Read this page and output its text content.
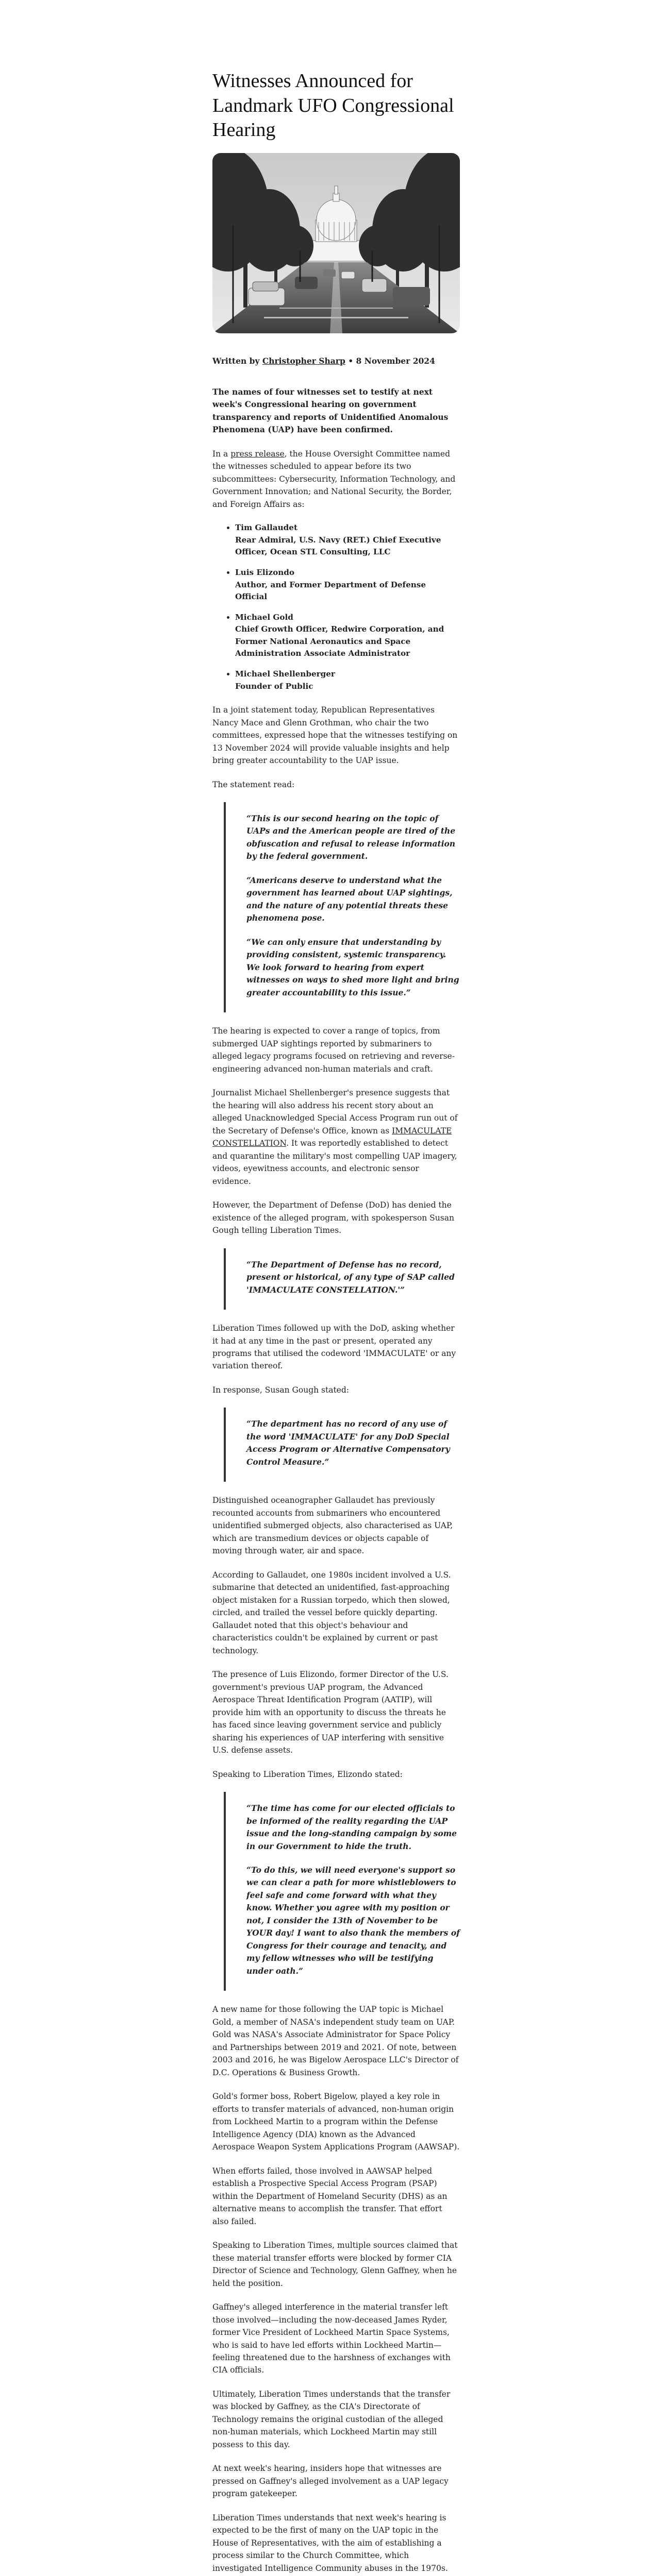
Witnesses Announced for Landmark UFO Congressional Hearing
Written by Christopher Sharp • 8 November 2024

The names of four witnesses set to testify at next week's Congressional hearing on government transparency and reports of Unidentified Anomalous Phenomena (UAP) have been confirmed.

In a press release, the House Oversight Committee named the witnesses scheduled to appear before its two subcommittees: Cybersecurity, Information Technology, and Government Innovation; and National Security, the Border, and Foreign Affairs as:

• Tim Gallaudet
Rear Admiral, U.S. Navy (RET.) Chief Executive Officer, Ocean STL Consulting, LLC
• Luis Elizondo
Author, and Former Department of Defense Official
• Michael Gold
Chief Growth Officer, Redwire Corporation, and Former National Aeronautics and Space Administration Associate Administrator
• Michael Shellenberger
Founder of Public

In a joint statement today, Republican Representatives Nancy Mace and Glenn Grothman, who chair the two committees, expressed hope that the witnesses testifying on 13 November 2024 will provide valuable insights and help bring greater accountability to the UAP issue.

The statement read:

“This is our second hearing on the topic of UAPs and the American people are tired of the obfuscation and refusal to release information by the federal government.

“Americans deserve to understand what the government has learned about UAP sightings, and the nature of any potential threats these phenomena pose.

“We can only ensure that understanding by providing consistent, systemic transparency. We look forward to hearing from expert witnesses on ways to shed more light and bring greater accountability to this issue.”

The hearing is expected to cover a range of topics, from submerged UAP sightings reported by submariners to alleged legacy programs focused on retrieving and reverse-engineering advanced non-human materials and craft.

Journalist Michael Shellenberger's presence suggests that the hearing will also address his recent story about an alleged Unacknowledged Special Access Program run out of the Secretary of Defense's Office, known as IMMACULATE CONSTELLATION. It was reportedly established to detect and quarantine the military's most compelling UAP imagery, videos, eyewitness accounts, and electronic sensor evidence.

However, the Department of Defense (DoD) has denied the existence of the alleged program, with spokesperson Susan Gough telling Liberation Times.

“The Department of Defense has no record, present or historical, of any type of SAP called 'IMMACULATE CONSTELLATION.'”

Liberation Times followed up with the DoD, asking whether it had at any time in the past or present, operated any programs that utilised the codeword 'IMMACULATE' or any variation thereof.

In response, Susan Gough stated:

“The department has no record of any use of the word 'IMMACULATE' for any DoD Special Access Program or Alternative Compensatory Control Measure.”

Distinguished oceanographer Gallaudet has previously recounted accounts from submariners who encountered unidentified submerged objects, also characterised as UAP, which are transmedium devices or objects capable of moving through water, air and space.

According to Gallaudet, one 1980s incident involved a U.S. submarine that detected an unidentified, fast-approaching object mistaken for a Russian torpedo, which then slowed, circled, and trailed the vessel before quickly departing. Gallaudet noted that this object's behaviour and characteristics couldn't be explained by current or past technology.

The presence of Luis Elizondo, former Director of the U.S. government's previous UAP program, the Advanced Aerospace Threat Identification Program (AATIP), will provide him with an opportunity to discuss the threats he has faced since leaving government service and publicly sharing his experiences of UAP interfering with sensitive U.S. defense assets.

Speaking to Liberation Times, Elizondo stated:

“The time has come for our elected officials to be informed of the reality regarding the UAP issue and the long-standing campaign by some in our Government to hide the truth.

“To do this, we will need everyone's support so we can clear a path for more whistleblowers to feel safe and come forward with what they know. Whether you agree with my position or not, I consider the 13th of November to be YOUR day! I want to also thank the members of Congress for their courage and tenacity, and my fellow witnesses who will be testifying under oath.”

A new name for those following the UAP topic is Michael Gold, a member of NASA's independent study team on UAP. Gold was NASA's Associate Administrator for Space Policy and Partnerships between 2019 and 2021. Of note, between 2003 and 2016, he was Bigelow Aerospace LLC's Director of D.C. Operations & Business Growth.

Gold's former boss, Robert Bigelow, played a key role in efforts to transfer materials of advanced, non-human origin from Lockheed Martin to a program within the Defense Intelligence Agency (DIA) known as the Advanced Aerospace Weapon System Applications Program (AAWSAP).

When efforts failed, those involved in AAWSAP helped establish a Prospective Special Access Program (PSAP) within the Department of Homeland Security (DHS) as an alternative means to accomplish the transfer. That effort also failed.

Speaking to Liberation Times, multiple sources claimed that these material transfer efforts were blocked by former CIA Director of Science and Technology, Glenn Gaffney, when he held the position.

Gaffney's alleged interference in the material transfer left those involved—including the now-deceased James Ryder, former Vice President of Lockheed Martin Space Systems, who is said to have led efforts within Lockheed Martin—feeling threatened due to the harshness of exchanges with CIA officials.

Ultimately, Liberation Times understands that the transfer was blocked by Gaffney, as the CIA's Directorate of Technology remains the original custodian of the alleged non-human materials, which Lockheed Martin may still possess to this day.

At next week's hearing, insiders hope that witnesses are pressed on Gaffney's alleged involvement as a UAP legacy program gatekeeper.

Liberation Times understands that next week's hearing is expected to be the first of many on the UAP topic in the House of Representatives, with the aim of establishing a process similar to the Church Committee, which investigated Intelligence Community abuses in the 1970s.
